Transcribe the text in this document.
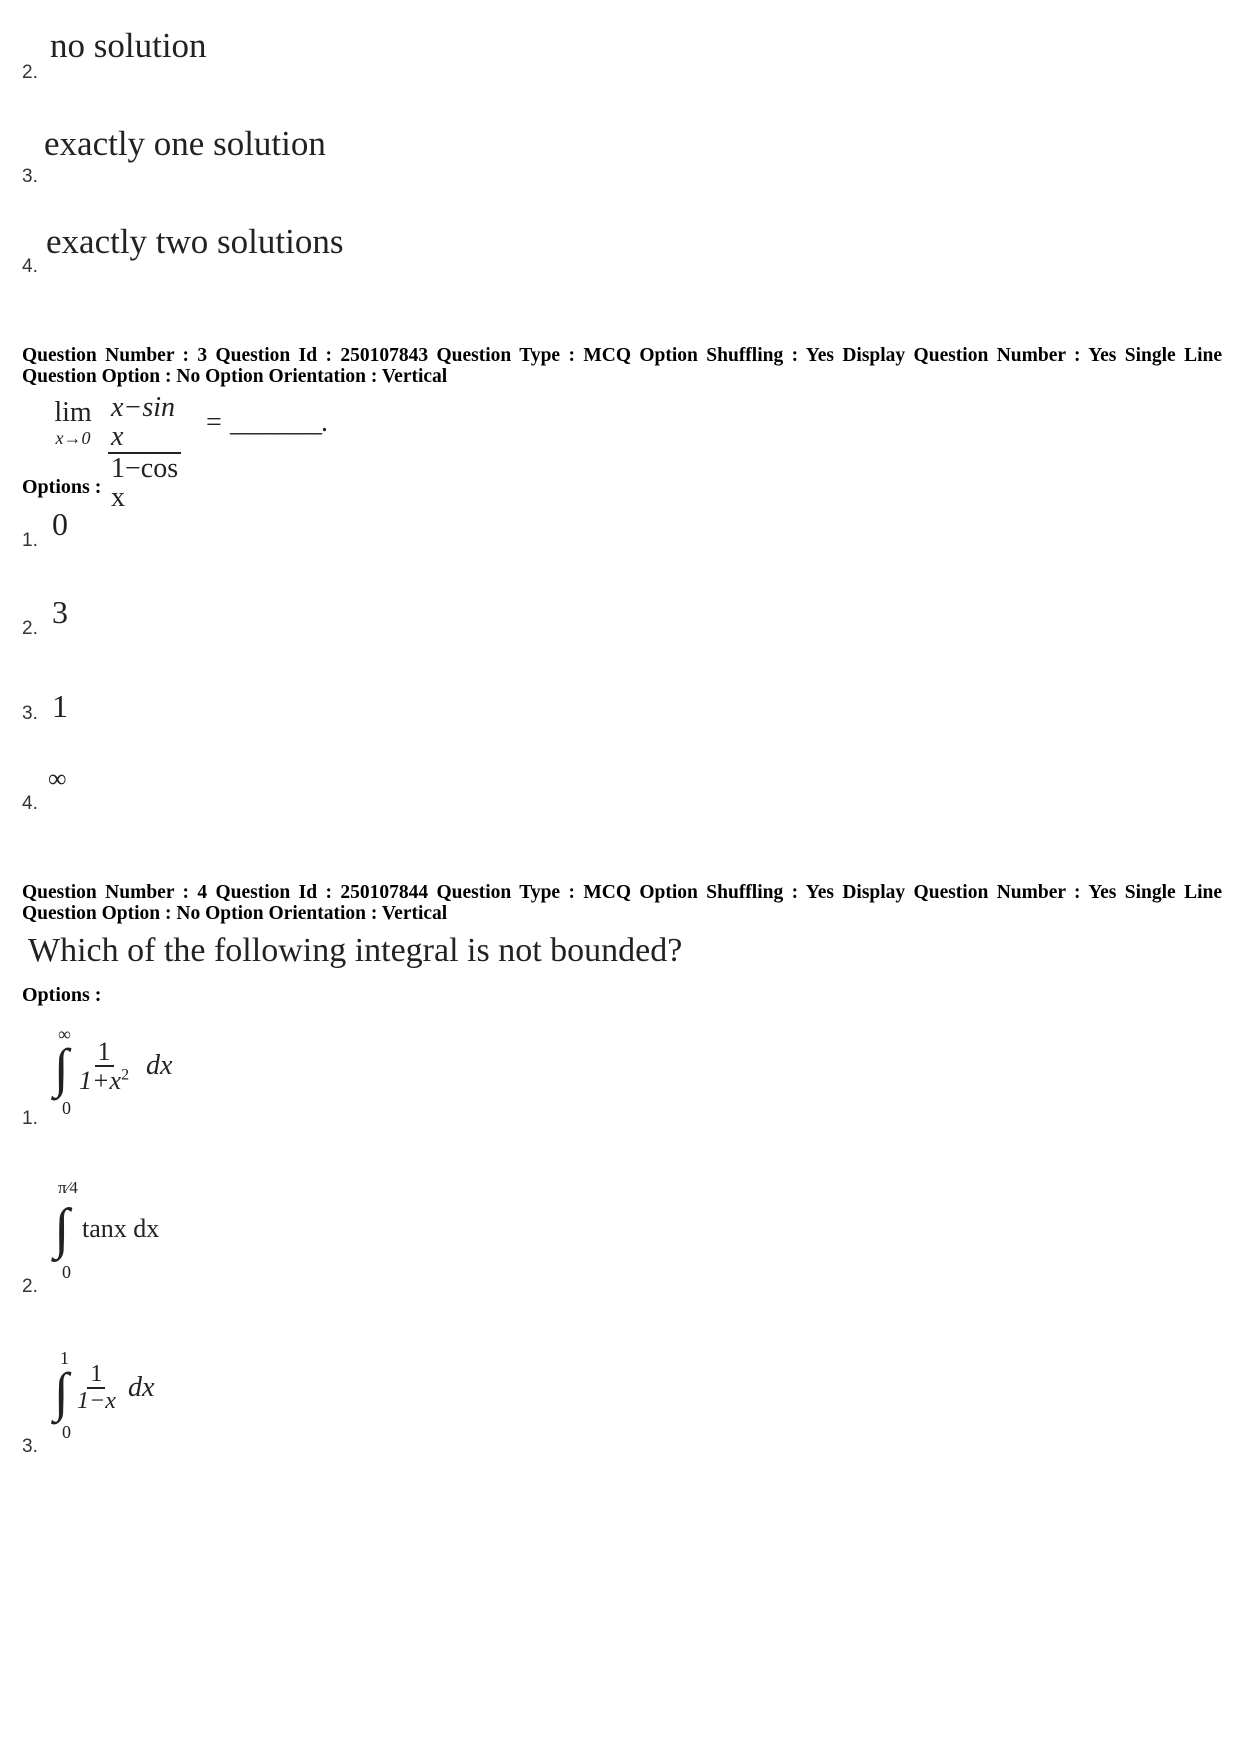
no solution
2.
exactly one solution
3.
exactly two solutions
4.
Question Number : 3 Question Id : 250107843 Question Type : MCQ Option Shuffling : Yes Display Question Number : Yes Single Line Question Option : No Option Orientation : Vertical
lim
$x\to 0 \frac{\text{x−sin x}}{\text{1−cos x}}$ = _______.
Options :
0
1.
3
2.
1
3.
∞
4.
Question Number : 4 Question Id : 250107844 Question Type : MCQ Option Shuffling : Yes Display Question Number : Yes Single Line Question Option : No Option Orientation : Vertical
Which of the following integral is not bounded?
Options :
∞
∫
0
$\frac{1}{1+x^2}$ dx
1.
π⁄4
∫
0
tanx dx
2.
1
∫
0
$\frac{1}{1-x}$ dx
3.
